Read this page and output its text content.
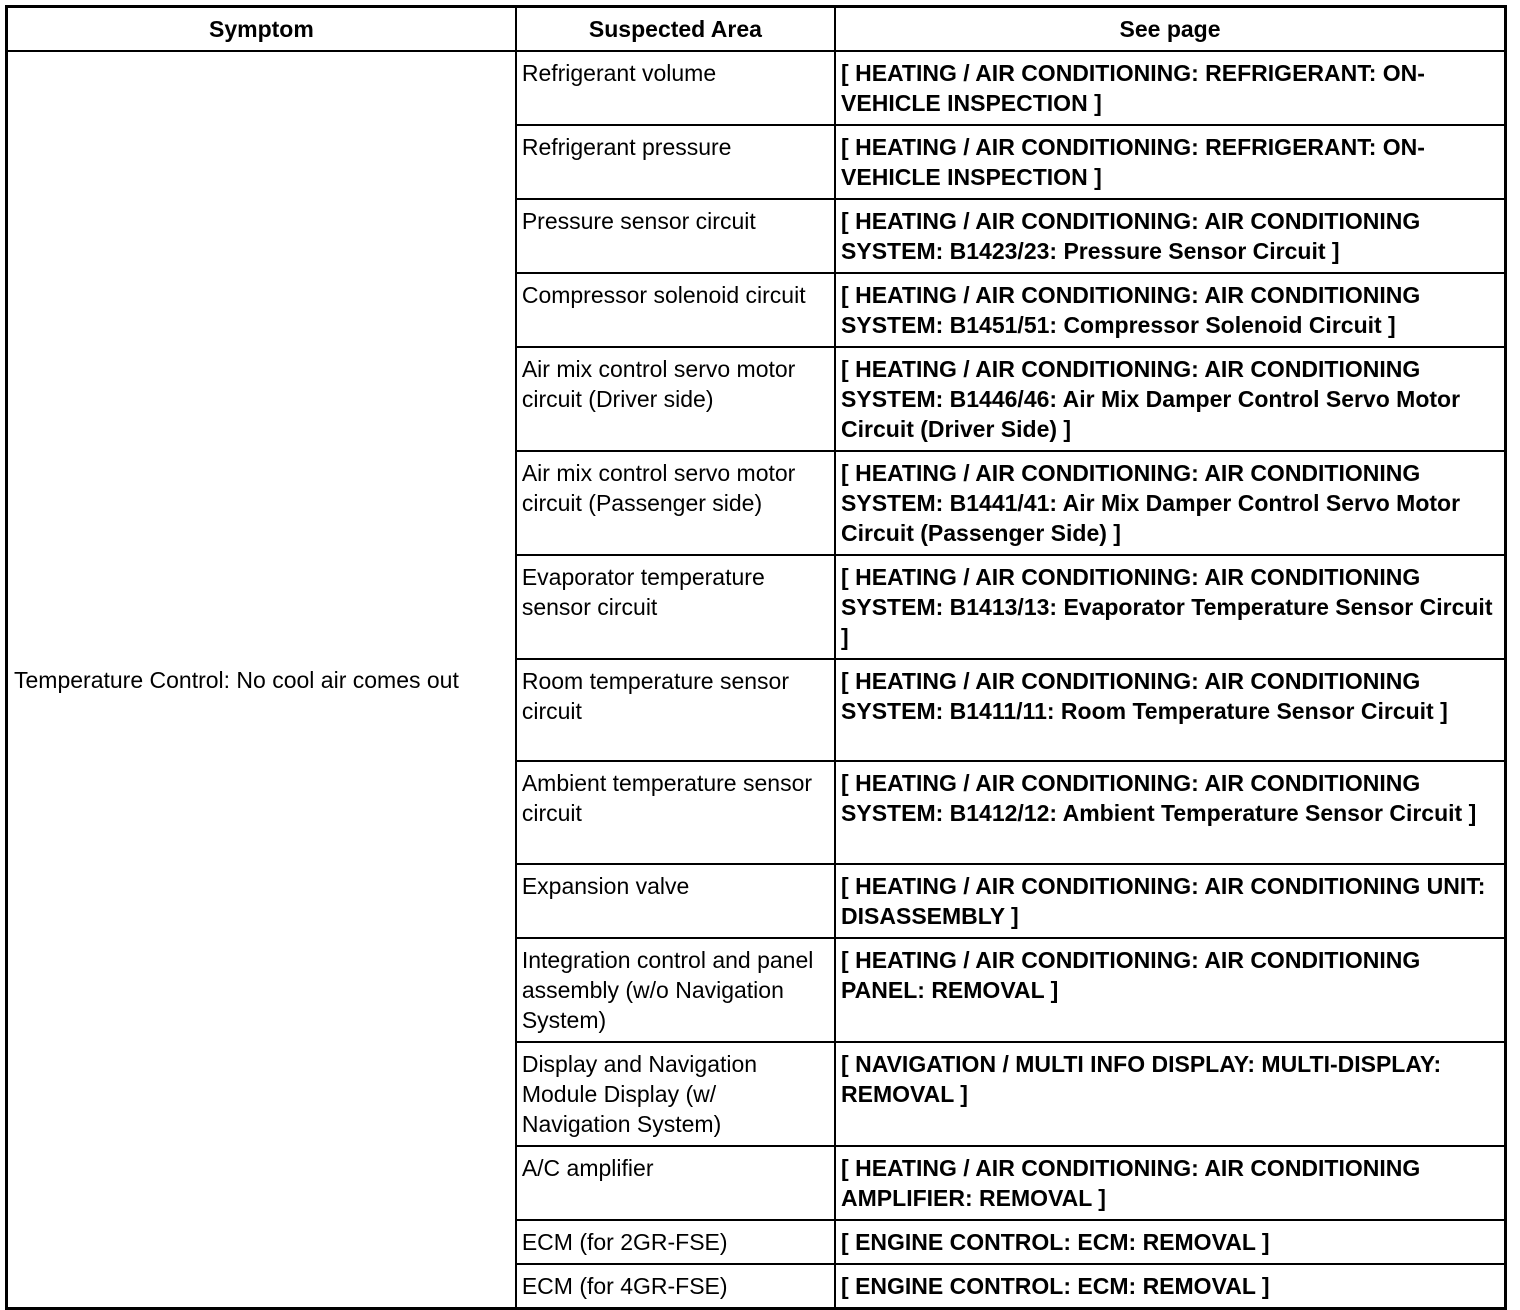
Symptom	Suspected Area	See page
Temperature Control: No cool air comes out	Refrigerant volume	[ HEATING / AIR CONDITIONING: REFRIGERANT: ON-VEHICLE INSPECTION ]
	Refrigerant pressure	[ HEATING / AIR CONDITIONING: REFRIGERANT: ON-VEHICLE INSPECTION ]
	Pressure sensor circuit	[ HEATING / AIR CONDITIONING: AIR CONDITIONING SYSTEM: B1423/23: Pressure Sensor Circuit ]
	Compressor solenoid circuit	[ HEATING / AIR CONDITIONING: AIR CONDITIONING SYSTEM: B1451/51: Compressor Solenoid Circuit ]
	Air mix control servo motor circuit (Driver side)	[ HEATING / AIR CONDITIONING: AIR CONDITIONING SYSTEM: B1446/46: Air Mix Damper Control Servo Motor Circuit (Driver Side) ]
	Air mix control servo motor circuit (Passenger side)	[ HEATING / AIR CONDITIONING: AIR CONDITIONING SYSTEM: B1441/41: Air Mix Damper Control Servo Motor Circuit (Passenger Side) ]
	Evaporator temperature sensor circuit	[ HEATING / AIR CONDITIONING: AIR CONDITIONING SYSTEM: B1413/13: Evaporator Temperature Sensor Circuit ]
	Room temperature sensor circuit	[ HEATING / AIR CONDITIONING: AIR CONDITIONING SYSTEM: B1411/11: Room Temperature Sensor Circuit ]
	Ambient temperature sensor circuit	[ HEATING / AIR CONDITIONING: AIR CONDITIONING SYSTEM: B1412/12: Ambient Temperature Sensor Circuit ]
	Expansion valve	[ HEATING / AIR CONDITIONING: AIR CONDITIONING UNIT: DISASSEMBLY ]
	Integration control and panel assembly (w/o Navigation System)	[ HEATING / AIR CONDITIONING: AIR CONDITIONING PANEL: REMOVAL ]
	Display and Navigation Module Display (w/ Navigation System)	[ NAVIGATION / MULTI INFO DISPLAY: MULTI-DISPLAY: REMOVAL ]
	A/C amplifier	[ HEATING / AIR CONDITIONING: AIR CONDITIONING AMPLIFIER: REMOVAL ]
	ECM (for 2GR-FSE)	[ ENGINE CONTROL: ECM: REMOVAL ]
	ECM (for 4GR-FSE)	[ ENGINE CONTROL: ECM: REMOVAL ]
